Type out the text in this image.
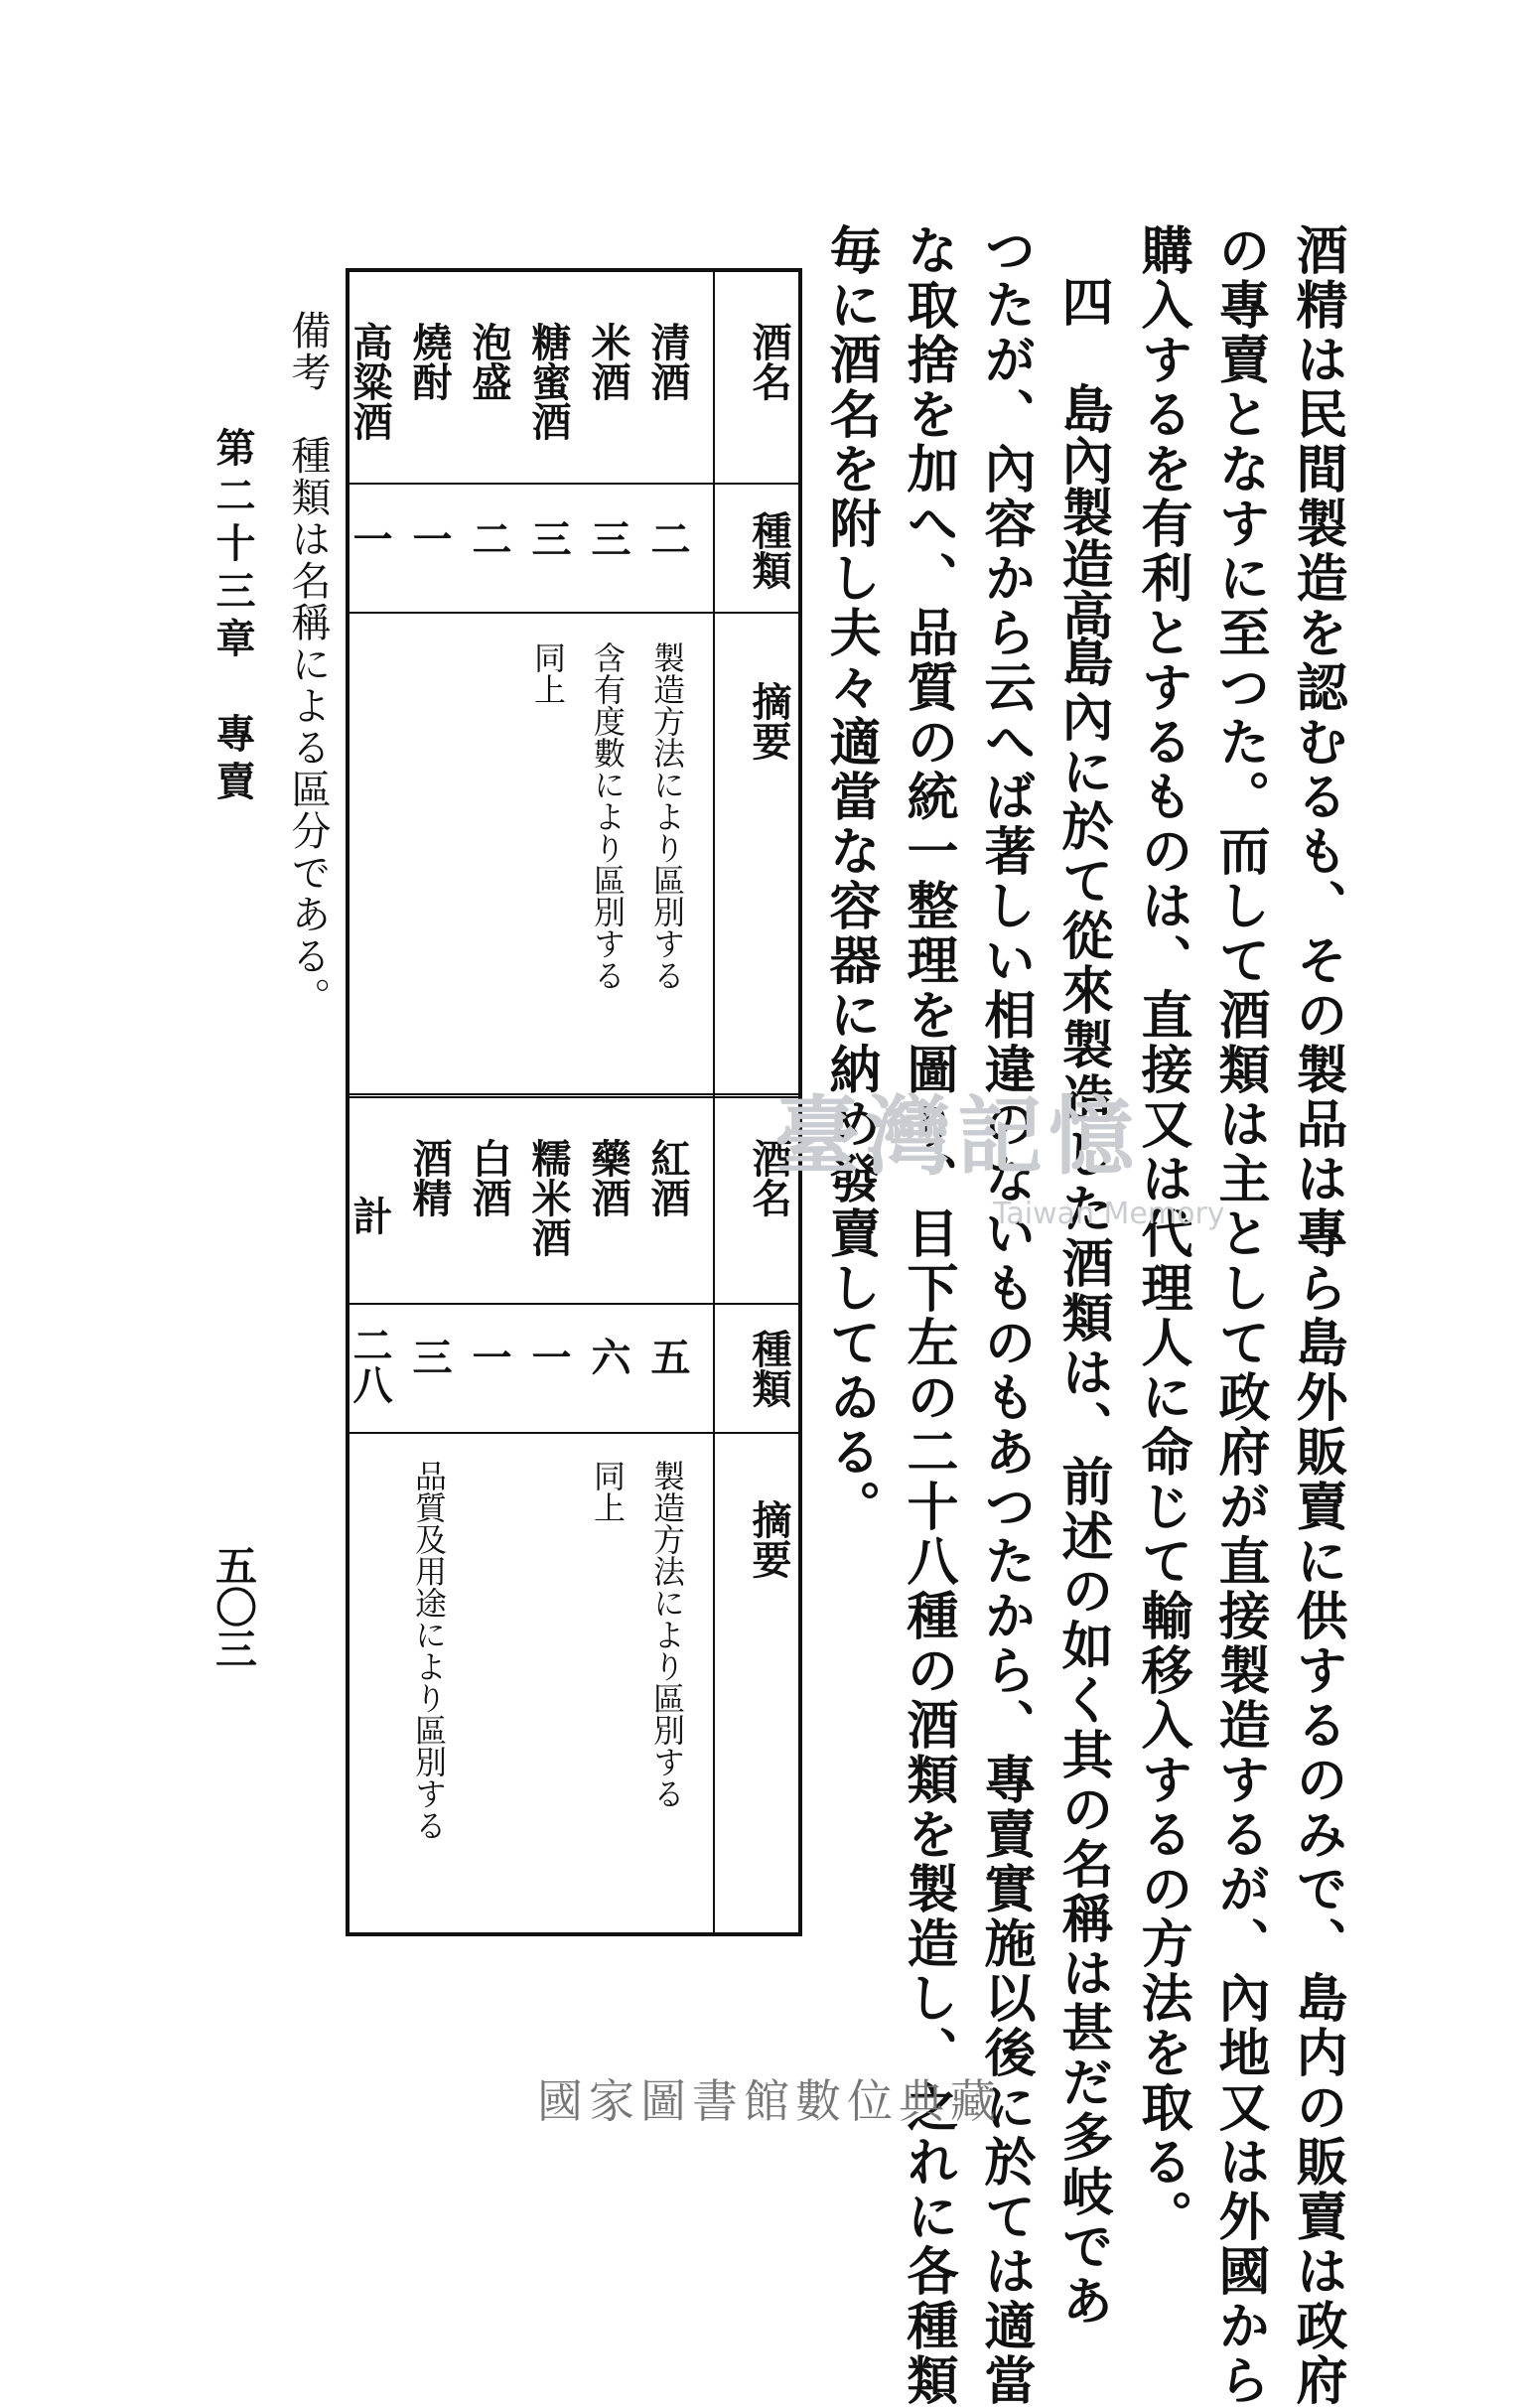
酒精は民間製造を認むるも、その製品は專ら島外販賣に供するのみで、島内の販賣は政府
の專賣となすに至つた。而して酒類は主として政府が直接製造するが、內地又は外國から
購入するを有利とするものは、直接又は代理人に命じて輸移入するの方法を取る。
四
島內製造高
島內に於て從來製造した酒類は、前述の如く其の名稱は甚だ多岐であ
つたが、內容から云へば著しい相違のないものもあつたから、專賣實施以後に於ては適當
な取捨を加へ、品質の統一整理を圖り、目下左の二十八種の酒類を製造し、之れに各種類
毎に酒名を附し夫々適當な容器に納め發賣してゐる。
酒名
種類
摘要
清酒
二
製造方法により區別する
米酒
三
含有度數により區別する
糖蜜酒
三
同上
泡盛
二
燒酎
一
高粱酒
一
酒名
種類
摘要
紅酒
五
製造方法により區別する
藥酒
六
同上
糯米酒
一
白酒
一
酒精
三
品質及用途により區別する
計
二八
備考　種類は名稱による區分である。
第二十三章　專賣
五〇三
臺灣記憶
Taiwan Memory
國家圖書館數位典藏
